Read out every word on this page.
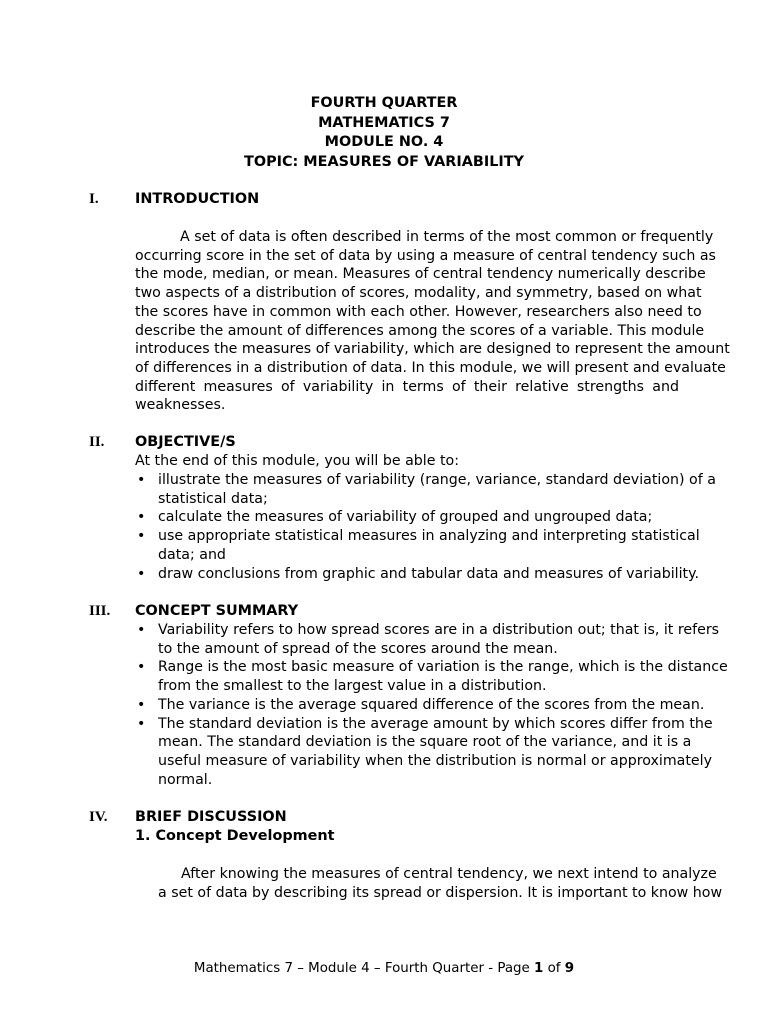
FOURTH QUARTER
MATHEMATICS 7
MODULE NO. 4
TOPIC: MEASURES OF VARIABILITY
I.	INTRODUCTION
A set of data is often described in terms of the most common or frequently
occurring score in the set of data by using a measure of central tendency such as
the mode, median, or mean. Measures of central tendency numerically describe
two aspects of a distribution of scores, modality, and symmetry, based on what
the scores have in common with each other. However, researchers also need to
describe the amount of differences among the scores of a variable. This module
introduces the measures of variability, which are designed to represent the amount
of differences in a distribution of data. In this module, we will present and evaluate
different measures of variability in terms of their relative strengths and
weaknesses.
II. OBJECTIVE/S
At the end of this module, you will be able to:
• illustrate the measures of variability (range, variance, standard deviation) of a
statistical data;
• calculate the measures of variability of grouped and ungrouped data;
• use appropriate statistical measures in analyzing and interpreting statistical
data; and
• draw conclusions from graphic and tabular data and measures of variability.
III. CONCEPT SUMMARY
• Variability refers to how spread scores are in a distribution out; that is, it refers
to the amount of spread of the scores around the mean.
• Range is the most basic measure of variation is the range, which is the distance
from the smallest to the largest value in a distribution.
• The variance is the average squared difference of the scores from the mean.
• The standard deviation is the average amount by which scores differ from the
mean. The standard deviation is the square root of the variance, and it is a
useful measure of variability when the distribution is normal or approximately
normal.
IV. BRIEF DISCUSSION
1. Concept Development
After knowing the measures of central tendency, we next intend to analyze
a set of data by describing its spread or dispersion. It is important to know how
Mathematics 7 – Module 4 – Fourth Quarter - Page 1 of 9
